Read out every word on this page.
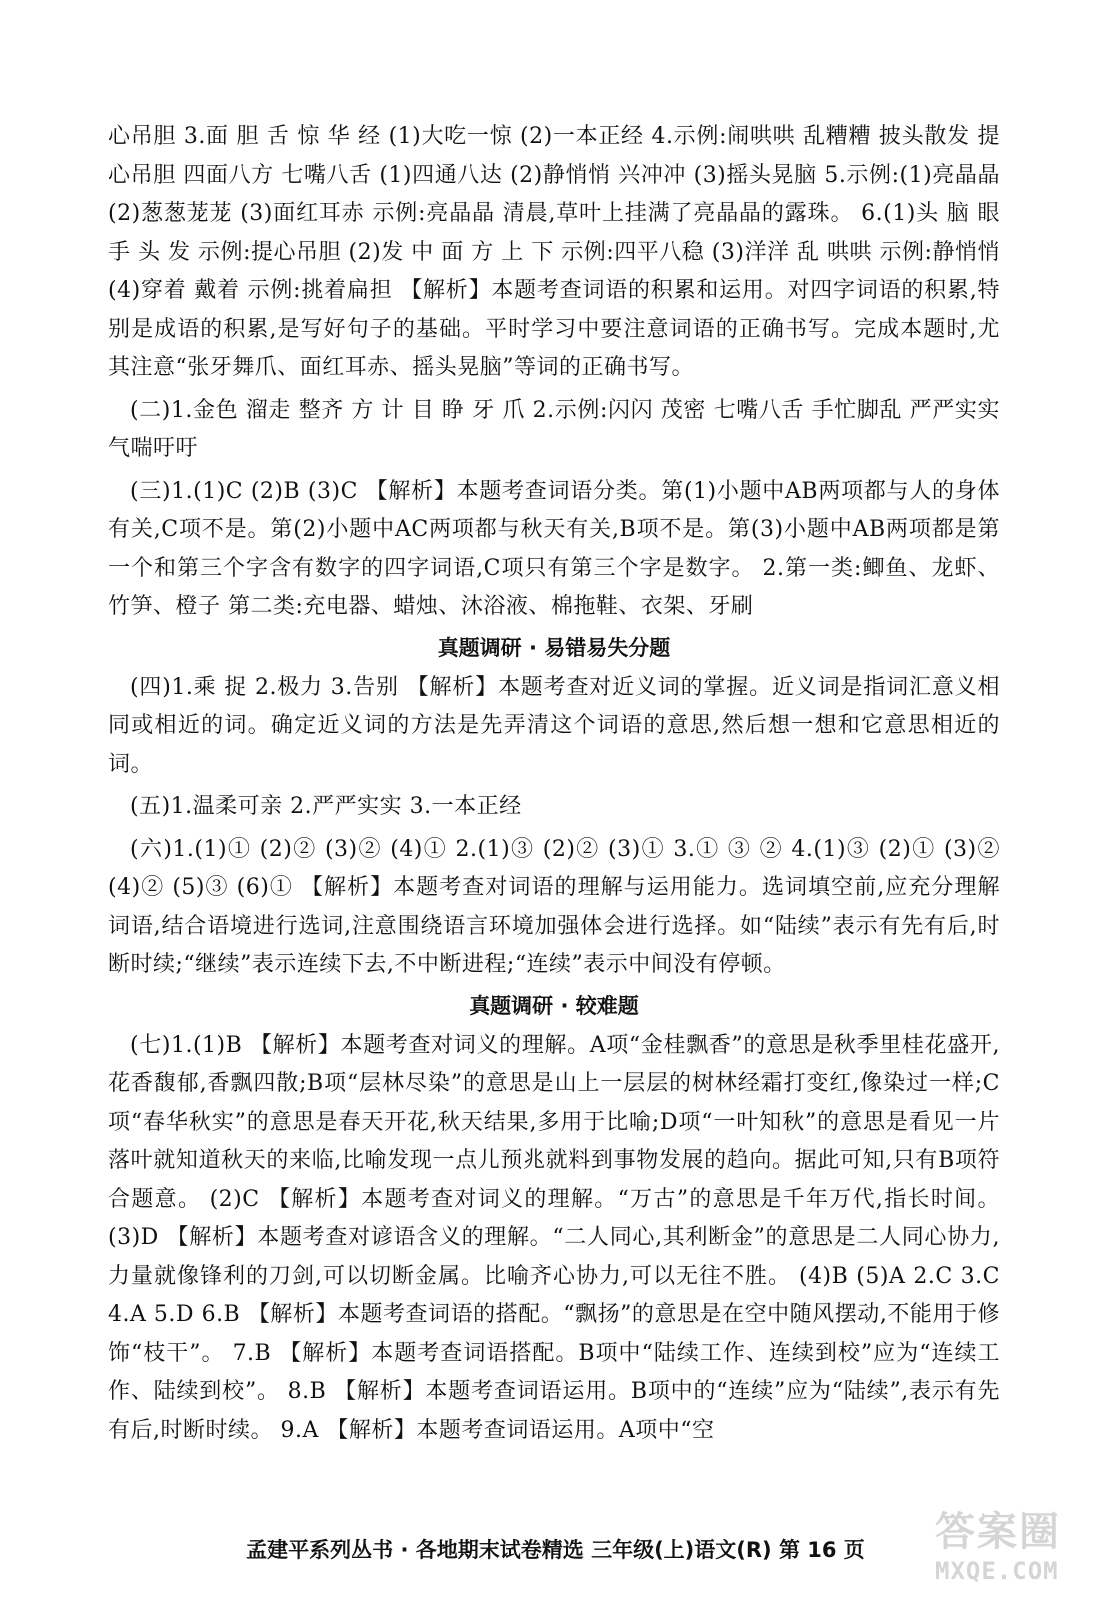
心吊胆 3.面 胆 舌 惊 华 经 (1)大吃一惊 (2)一本正经 4.示例:闹哄哄 乱糟糟 披头散发 提心吊胆 四面八方 七嘴八舌 (1)四通八达 (2)静悄悄 兴冲冲 (3)摇头晃脑 5.示例:(1)亮晶晶 (2)葱葱茏茏 (3)面红耳赤 示例:亮晶晶 清晨,草叶上挂满了亮晶晶的露珠。 6.(1)头 脑 眼 手 头 发 示例:提心吊胆 (2)发 中 面 方 上 下 示例:四平八稳 (3)洋洋 乱 哄哄 示例:静悄悄 (4)穿着 戴着 示例:挑着扁担 【解析】本题考查词语的积累和运用。对四字词语的积累,特别是成语的积累,是写好句子的基础。平时学习中要注意词语的正确书写。完成本题时,尤其注意“张牙舞爪、面红耳赤、摇头晃脑”等词的正确书写。

(二)1.金色 溜走 整齐 方 计 目 睁 牙 爪 2.示例:闪闪 茂密 七嘴八舌 手忙脚乱 严严实实 气喘吁吁

(三)1.(1)C (2)B (3)C 【解析】本题考查词语分类。第(1)小题中AB两项都与人的身体有关,C项不是。第(2)小题中AC两项都与秋天有关,B项不是。第(3)小题中AB两项都是第一个和第三个字含有数字的四字词语,C项只有第三个字是数字。 2.第一类:鲫鱼、龙虾、竹笋、橙子 第二类:充电器、蜡烛、沐浴液、棉拖鞋、衣架、牙刷

真题调研 · 易错易失分题

(四)1.乘 捉 2.极力 3.告别 【解析】本题考查对近义词的掌握。近义词是指词汇意义相同或相近的词。确定近义词的方法是先弄清这个词语的意思,然后想一想和它意思相近的词。

(五)1.温柔可亲 2.严严实实 3.一本正经

(六)1.(1)① (2)② (3)② (4)① 2.(1)③ (2)② (3)① 3.① ③ ② 4.(1)③ (2)① (3)② (4)② (5)③ (6)① 【解析】本题考查对词语的理解与运用能力。选词填空前,应充分理解词语,结合语境进行选词,注意围绕语言环境加强体会进行选择。如“陆续”表示有先有后,时断时续;“继续”表示连续下去,不中断进程;“连续”表示中间没有停顿。

真题调研 · 较难题

(七)1.(1)B 【解析】本题考查对词义的理解。A项“金桂飘香”的意思是秋季里桂花盛开,花香馥郁,香飘四散;B项“层林尽染”的意思是山上一层层的树林经霜打变红,像染过一样;C项“春华秋实”的意思是春天开花,秋天结果,多用于比喻;D项“一叶知秋”的意思是看见一片落叶就知道秋天的来临,比喻发现一点儿预兆就料到事物发展的趋向。据此可知,只有B项符合题意。 (2)C 【解析】本题考查对词义的理解。“万古”的意思是千年万代,指长时间。 (3)D 【解析】本题考查对谚语含义的理解。“二人同心,其利断金”的意思是二人同心协力,力量就像锋利的刀剑,可以切断金属。比喻齐心协力,可以无往不胜。 (4)B (5)A 2.C 3.C 4.A 5.D 6.B 【解析】本题考查词语的搭配。“飘扬”的意思是在空中随风摆动,不能用于修饰“枝干”。 7.B 【解析】本题考查词语搭配。B项中“陆续工作、连续到校”应为“连续工作、陆续到校”。 8.B 【解析】本题考查词语运用。B项中的“连续”应为“陆续”,表示有先有后,时断时续。 9.A 【解析】本题考查词语运用。A项中“空

孟建平系列丛书 · 各地期末试卷精选 三年级(上)语文(R) 第 16 页	答案圈
MXQE.COM
